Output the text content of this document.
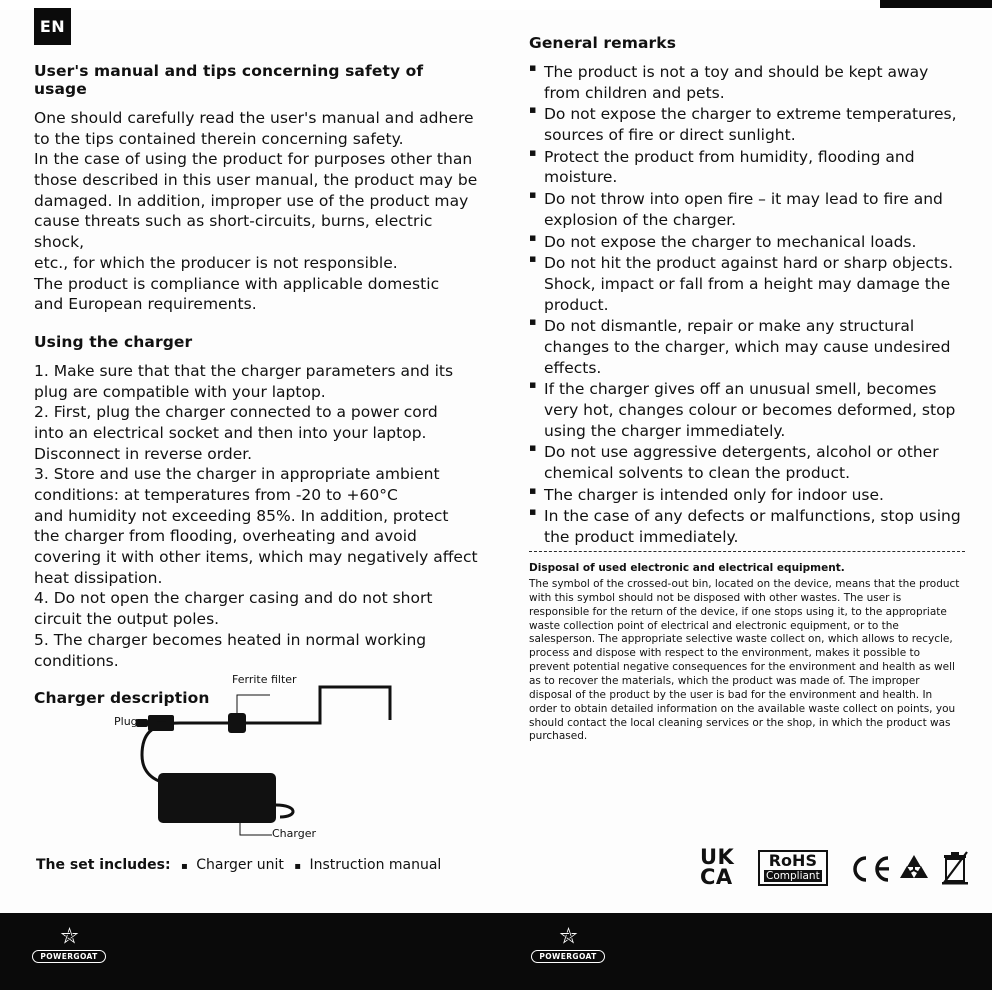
EN
User's manual and tips concerning safety of usage

One should carefully read the user's manual and adhere

to the tips contained therein concerning safety.

In the case of using the product for purposes other than

those described in this user manual, the product may be

damaged. In addition, improper use of the product may

cause threats such as short-circuits, burns, electric shock,

etc., for which the producer is not responsible.

The product is compliance with applicable domestic

and European requirements.

Using the charger

1. Make sure that that the charger parameters and its

plug are compatible with your laptop.

2. First, plug the charger connected to a power cord

into an electrical socket and then into your laptop.

Disconnect in reverse order.

3. Store and use the charger in appropriate ambient

conditions: at temperatures from -20 to +60°C

and humidity not exceeding 85%. In addition, protect

the charger from flooding, overheating and avoid

covering it with other items, which may negatively affect

heat dissipation.

4. Do not open the charger casing and do not short

circuit the output poles.

5. The charger becomes heated in normal working

conditions.

Charger description
Ferrite filter
Plug
Charger
—
The set includes: ▪ Charger unit ▪ Instruction manual
General remarks
▪ The product is not a toy and should be kept away from children and pets.
▪ Do not expose the charger to extreme temperatures, sources of fire or direct sunlight.
▪ Protect the product from humidity, flooding and moisture.
▪ Do not throw into open fire – it may lead to fire and explosion of the charger.
▪ Do not expose the charger to mechanical loads.
▪ Do not hit the product against hard or sharp objects. Shock, impact or fall from a height may damage the product.
▪ Do not dismantle, repair or make any structural changes to the charger, which may cause undesired effects.
▪ If the charger gives off an unusual smell, becomes very hot, changes colour or becomes deformed, stop using the charger immediately.
▪ Do not use aggressive detergents, alcohol or other chemical solvents to clean the product.
▪ The charger is intended only for indoor use.
▪ In the case of any defects or malfunctions, stop using the product immediately.
Disposal of used electronic and electrical equipment.

The symbol of the crossed-out bin, located on the device, means that the product with this symbol should not be disposed with other wastes. The user is responsible for the return of the device, if one stops using it, to the appropriate waste collection point of electrical and electronic equipment, or to the salesperson. The appropriate selective waste collect on, which allows to recycle, process and dispose with respect to the environment, makes it possible to prevent potential negative consequences for the environment and health as well as to recover the materials, which the product was made of. The improper disposal of the product by the user is bad for the environment and health. In order to obtain detailed information on the available waste collect on points, you should contact the local cleaning services or the shop, in which the product was purchased.

UK
CA
RoHS
Compliant
⛥
POWERGOAT
⛥
POWERGOAT
